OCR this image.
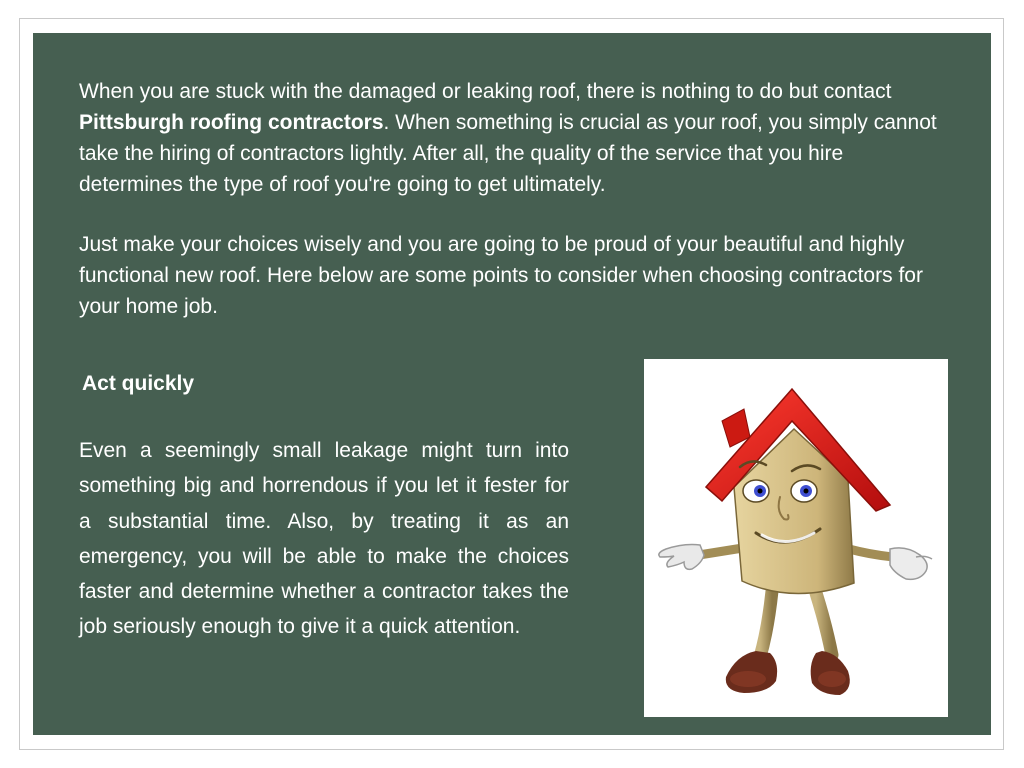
When you are stuck with the damaged or leaking roof, there is nothing to do but contact Pittsburgh roofing contractors. When something is crucial as your roof, you simply cannot take the hiring of contractors lightly. After all, the quality of the service that you hire determines the type of roof you're going to get ultimately.

Just make your choices wisely and you are going to be proud of your beautiful and highly functional new roof. Here below are some points to consider when choosing contractors for your home job.

Act quickly

Even a seemingly small leakage might turn into something big and horrendous if you let it fester for a substantial time. Also, by treating it as an emergency, you will be able to make the choices faster and determine whether a contractor takes the job seriously enough to give it a quick attention.
